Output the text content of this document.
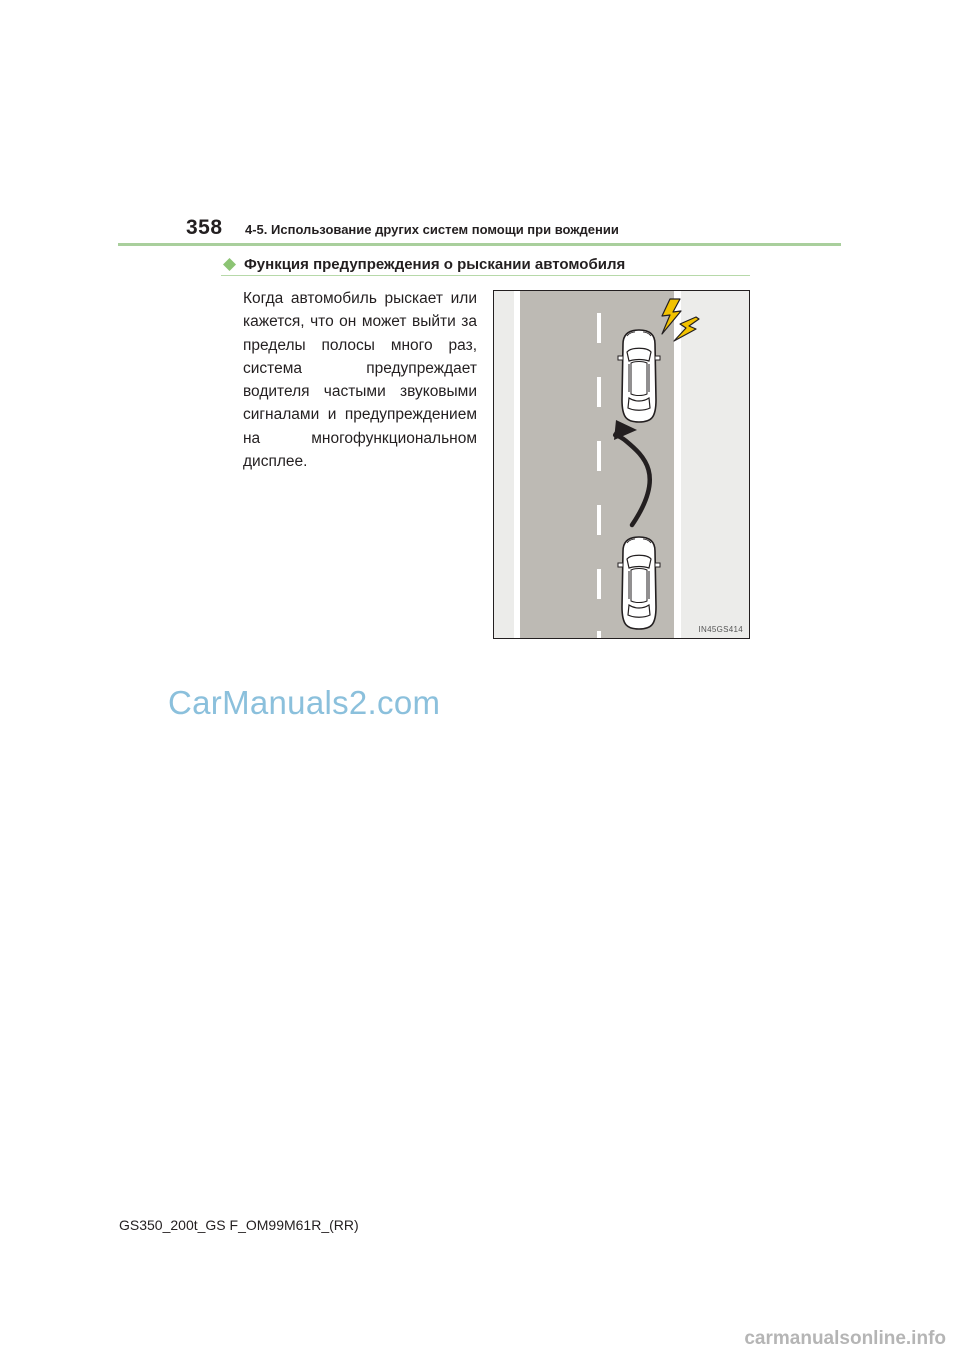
358 4-5. Использование других систем помощи при вождении
Функция предупреждения о рыскании автомобиля
Когда автомобиль рыскает или кажется, что он может выйти за пределы полосы много раз, система предупреждает водителя частыми звуковыми сигналами и предупреждением на многофункциональном дисплее.
IN45GS414
CarManuals2.com
GS350_200t_GS F_OM99M61R_(RR)
carmanualsonline.info
